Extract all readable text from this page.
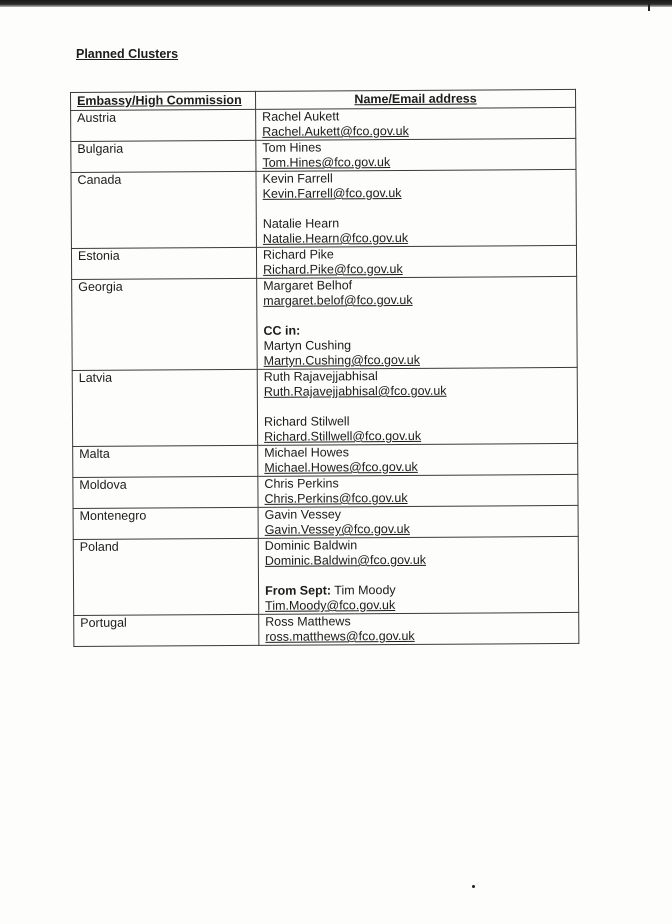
Planned Clusters
Embassy/High Commission	Name/Email address
Austria	Rachel Aukett
Rachel.Aukett@fco.gov.uk

Bulgaria	Tom Hines
Tom.Hines@fco.gov.uk

Canada	Kevin Farrell
Kevin.Farrell@fco.gov.uk
Natalie Hearn
Natalie.Hearn@fco.gov.uk

Estonia	Richard Pike
Richard.Pike@fco.gov.uk

Georgia	Margaret Belhof
margaret.belof@fco.gov.uk
CC in:
Martyn Cushing
Martyn.Cushing@fco.gov.uk

Latvia	Ruth Rajavejjabhisal
Ruth.Rajavejjabhisal@fco.gov.uk
Richard Stilwell
Richard.Stillwell@fco.gov.uk

Malta	Michael Howes
Michael.Howes@fco.gov.uk

Moldova	Chris Perkins
Chris.Perkins@fco.gov.uk

Montenegro	Gavin Vessey
Gavin.Vessey@fco.gov.uk

Poland	Dominic Baldwin
Dominic.Baldwin@fco.gov.uk
From Sept: Tim Moody
Tim.Moody@fco.gov.uk

Portugal	Ross Matthews
ross.matthews@fco.gov.uk
